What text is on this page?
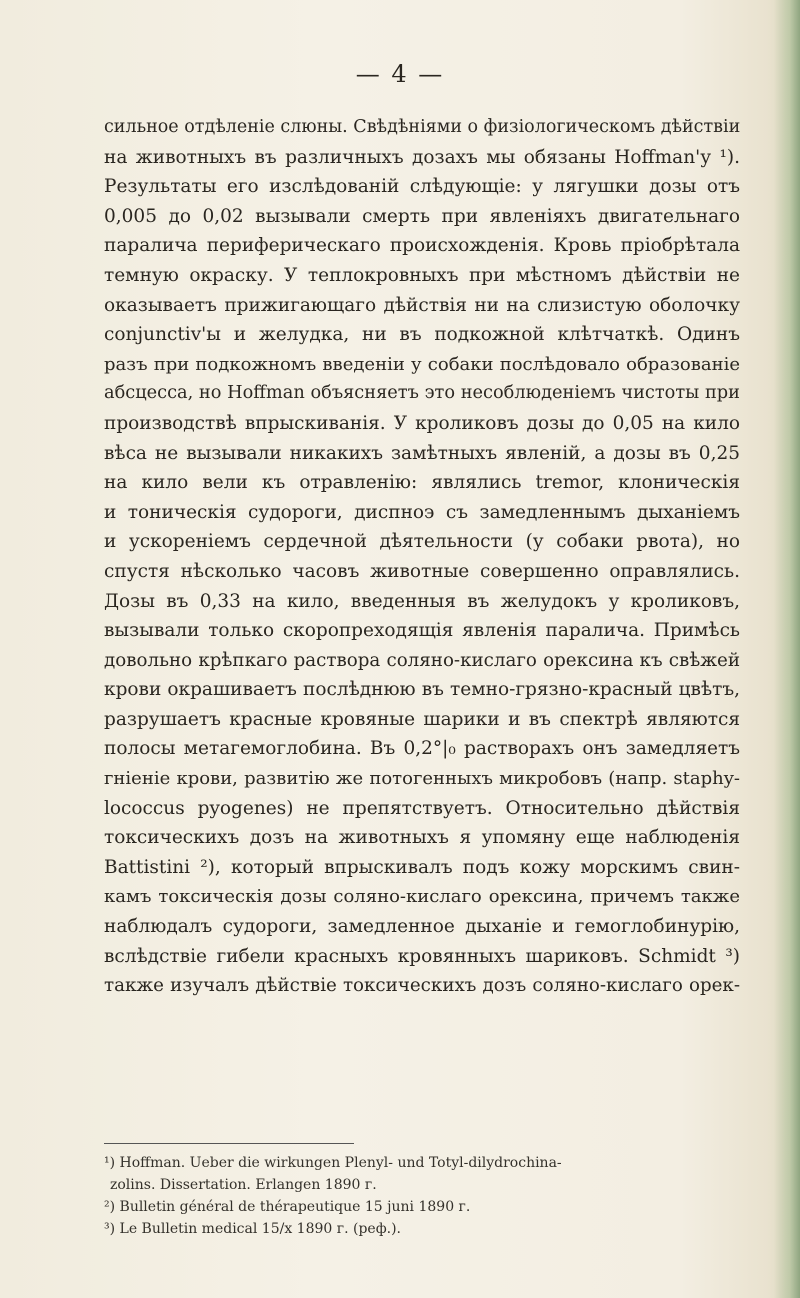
— 4 —
сильное отдѣленіе слюны. Свѣдѣніями о физіологическомъ дѣйствіи
на животныхъ въ различныхъ дозахъ мы обязаны Hoffman'у ¹).
Результаты его изслѣдованій слѣдующіе: у лягушки дозы отъ
0,005 до 0,02 вызывали смерть при явленіяхъ двигательнаго
паралича периферическаго происхожденія. Кровь пріобрѣтала
темную окраску. У теплокровныхъ при мѣстномъ дѣйствіи не
оказываетъ прижигающаго дѣйствія ни на слизистую оболочку
conjunctiv'ы и желудка, ни въ подкожной клѣтчаткѣ. Одинъ
разъ при подкожномъ введеніи у собаки послѣдовало образованіе
абсцесса, но Hoffman объясняетъ это несоблюденіемъ чистоты при
производствѣ впрыскиванія. У кроликовъ дозы до 0,05 на кило
вѣса не вызывали никакихъ замѣтныхъ явленій, а дозы въ 0,25
на кило вели къ отравленію: являлись tremor, клоническія
и тоническія судороги, диспноэ съ замедленнымъ дыханіемъ
и ускореніемъ сердечной дѣятельности (у собаки рвота), но
спустя нѣсколько часовъ животные совершенно оправлялись.
Дозы въ 0,33 на кило, введенныя въ желудокъ у кроликовъ,
вызывали только скоропреходящія явленія паралича. Примѣсь
довольно крѣпкаго раствора соляно-кислаго орексина къ свѣжей
крови окрашиваетъ послѣднюю въ темно-грязно-красный цвѣтъ,
разрушаетъ красные кровяные шарики и въ спектрѣ являются
полосы метагемоглобина. Въ 0,2°|₀ растворахъ онъ замедляетъ
гніеніе крови, развитію же потогенныхъ микробовъ (напр. staphy-
lococcus pyogenes) не препятствуетъ. Относительно дѣйствія
токсическихъ дозъ на животныхъ я упомяну еще наблюденія
Battistini ²), который впрыскивалъ подъ кожу морскимъ свин-
камъ токсическія дозы соляно-кислаго орексина, причемъ также
наблюдалъ судороги, замедленное дыханіе и гемоглобинурію,
вслѣдствіе гибели красныхъ кровянныхъ шариковъ. Schmidt ³)
также изучалъ дѣйствіе токсическихъ дозъ соляно-кислаго орек-
¹) Hoffman. Ueber die wirkungen Plenyl- und Totyl-dilydrochina-
zolins. Dissertation. Erlangen 1890 г.
²) Bulletin général de thérapeutique 15 juni 1890 г.
³) Le Bulletin medical 15/x 1890 г. (реф.).
